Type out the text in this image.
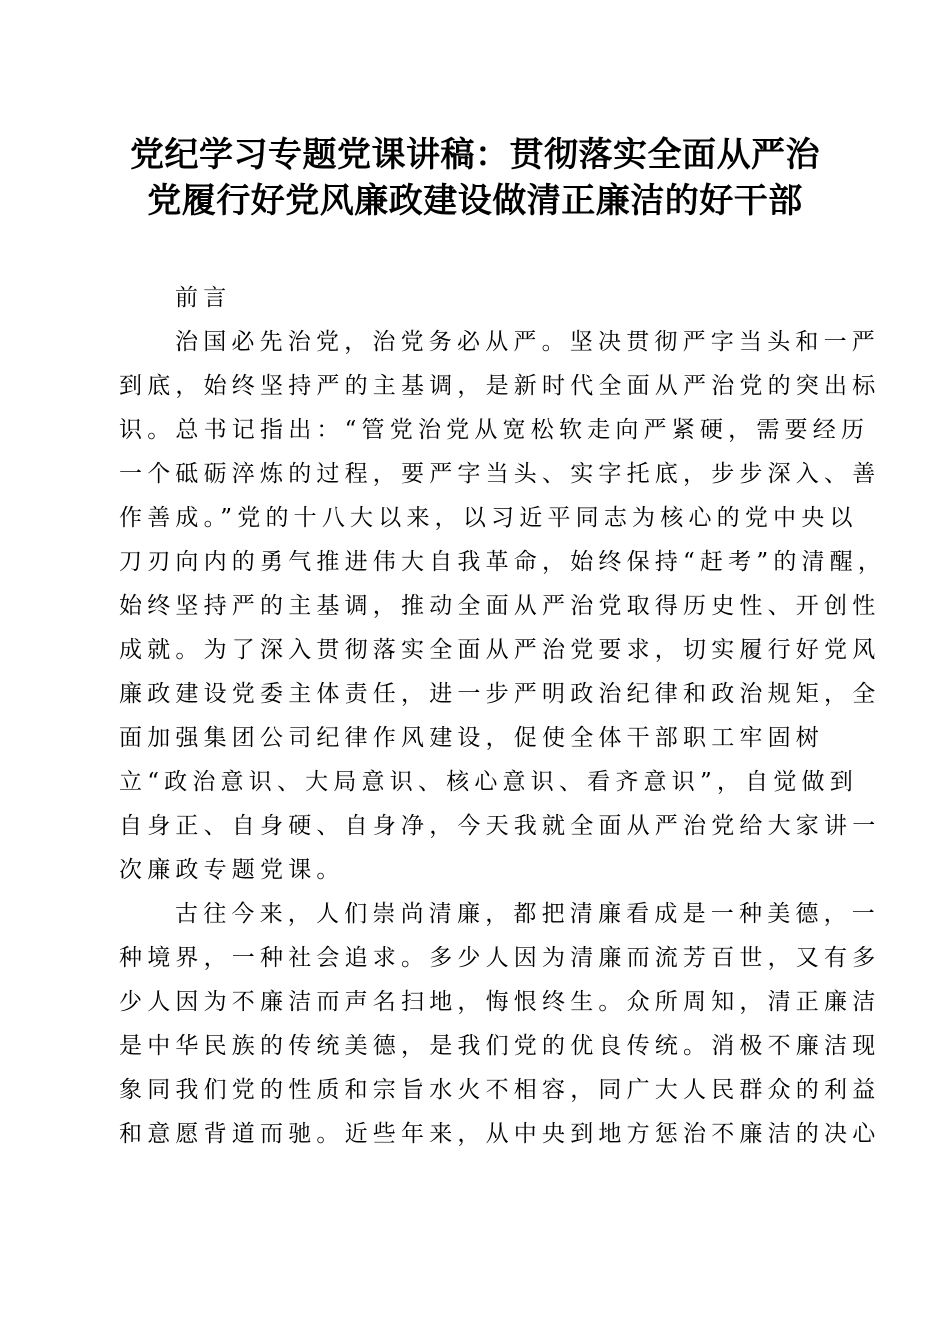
党纪学习专题党课讲稿：贯彻落实全面从严治
党履行好党风廉政建设做清正廉洁的好干部

前言

治国必先治党，治党务必从严。坚决贯彻严字当头和一严
到底，始终坚持严的主基调，是新时代全面从严治党的突出标
识。总书记指出：“管党治党从宽松软走向严紧硬，需要经历
一个砥砺淬炼的过程，要严字当头、实字托底，步步深入、善
作善成。”党的十八大以来，以习近平同志为核心的党中央以
刀刃向内的勇气推进伟大自我革命，始终保持“赶考”的清醒，
始终坚持严的主基调，推动全面从严治党取得历史性、开创性
成就。为了深入贯彻落实全面从严治党要求，切实履行好党风
廉政建设党委主体责任，进一步严明政治纪律和政治规矩，全
面加强集团公司纪律作风建设，促使全体干部职工牢固树
立“政治意识、大局意识、核心意识、看齐意识”，自觉做到
自身正、自身硬、自身净，今天我就全面从严治党给大家讲一
次廉政专题党课。
古往今来，人们崇尚清廉，都把清廉看成是一种美德，一
种境界，一种社会追求。多少人因为清廉而流芳百世，又有多
少人因为不廉洁而声名扫地，悔恨终生。众所周知，清正廉洁
是中华民族的传统美德，是我们党的优良传统。消极不廉洁现
象同我们党的性质和宗旨水火不相容，同广大人民群众的利益
和意愿背道而驰。近些年来，从中央到地方惩治不廉洁的决心
